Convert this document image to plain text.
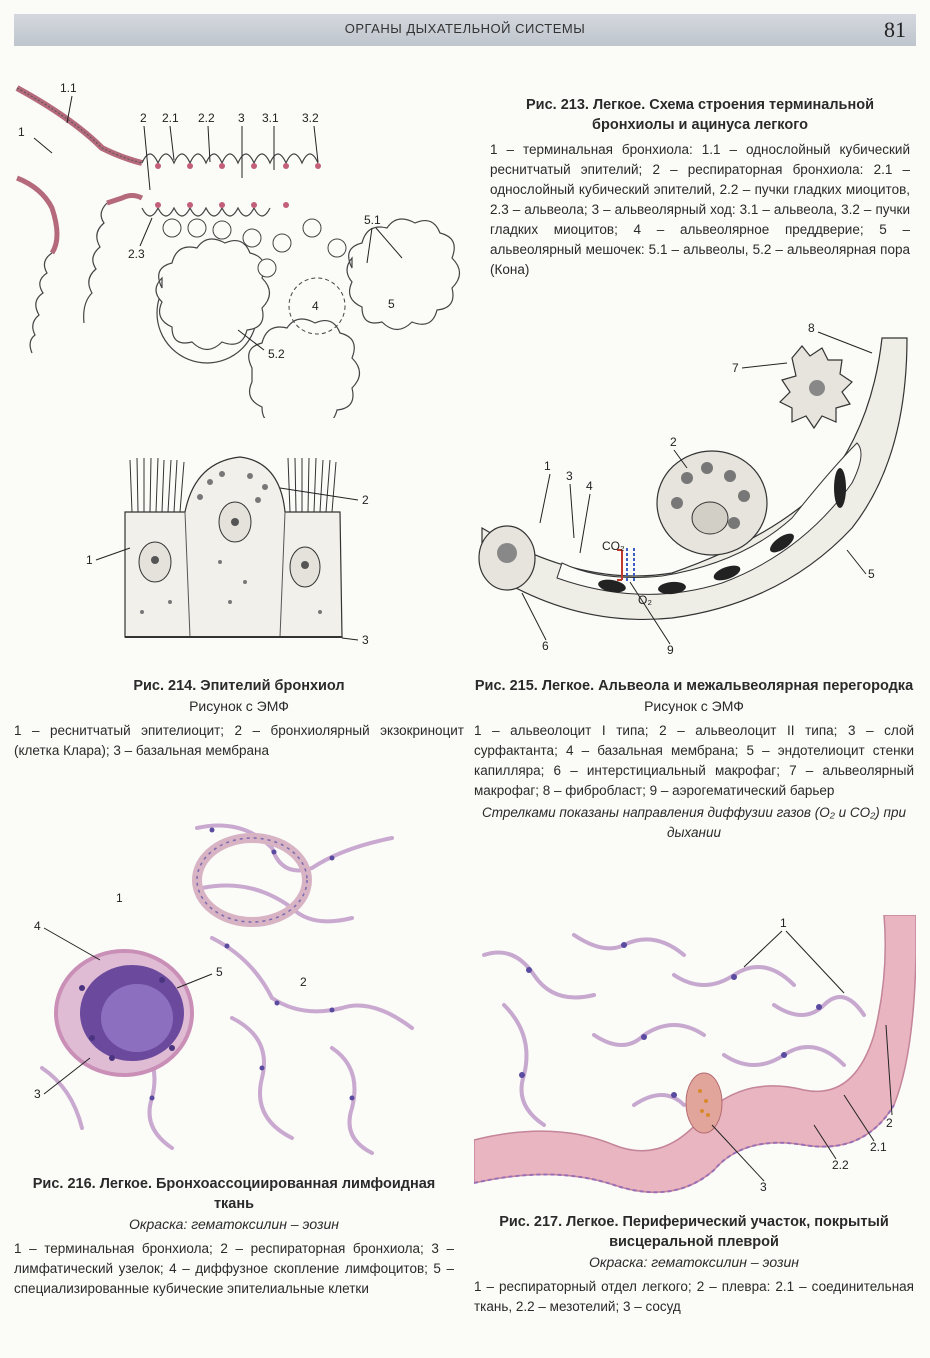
ОРГАНЫ ДЫХАТЕЛЬНОЙ СИСТЕМЫ	81
1.1
1
2 2.1 2.2 3 3.1 3.2
2.3
4	5
5.1
5.2
Рис. 213. Легкое. Схема строения терминальной бронхиолы и ацинуса легкого
1 – терминальная бронхиола: 1.1 – однослойный кубический реснитчатый эпителий; 2 – респираторная бронхиола: 2.1 – однослойный кубический эпителий, 2.2 – пучки гладких миоцитов, 2.3 – альвеола; 3 – альвеолярный ход: 3.1 – альвеола, 3.2 – пучки гладких миоцитов; 4 – альвеолярное преддверие; 5 – альвеолярный мешочек: 5.1 – альвеолы, 5.2 – альвеолярная пора (Кона)
1
2
3
Рис. 214. Эпителий бронхиол
Рисунок с ЭМФ
1 – реснитчатый эпителиоцит; 2 – бронхиолярный экзокриноцит (клетка Клара); 3 – базальная мембрана
CO₂
O₂
1
2
3
4
5
6
7
8
9
Рис. 215. Легкое. Альвеола и межальвеолярная перегородка
Рисунок с ЭМФ
1 – альвеолоцит I типа; 2 – альвеолоцит II типа; 3 – слой сурфактанта; 4 – базальная мембрана; 5 – эндотелиоцит стенки капилляра; 6 – интерстициальный макрофаг; 7 – альвеолярный макрофаг; 8 – фибробласт; 9 – аэрогематический барьер
Стрелками показаны направления диффузии газов (O₂ и CO₂) при дыхании
1
2
3
4
5
Рис. 216. Легкое. Бронхоассоциированная лимфоидная ткань
Окраска: гематоксилин – эозин
1 – терминальная бронхиола; 2 – респираторная бронхиола; 3 – лимфатический узелок; 4 – диффузное скопление лимфоцитов; 5 – специализированные кубические эпителиальные клетки
1
2
2.1
2.2
3
Рис. 217. Легкое. Периферический участок, покрытый висцеральной плеврой
Окраска: гематоксилин – эозин
1 – респираторный отдел легкого; 2 – плевра: 2.1 – соединительная ткань, 2.2 – мезотелий; 3 – сосуд
